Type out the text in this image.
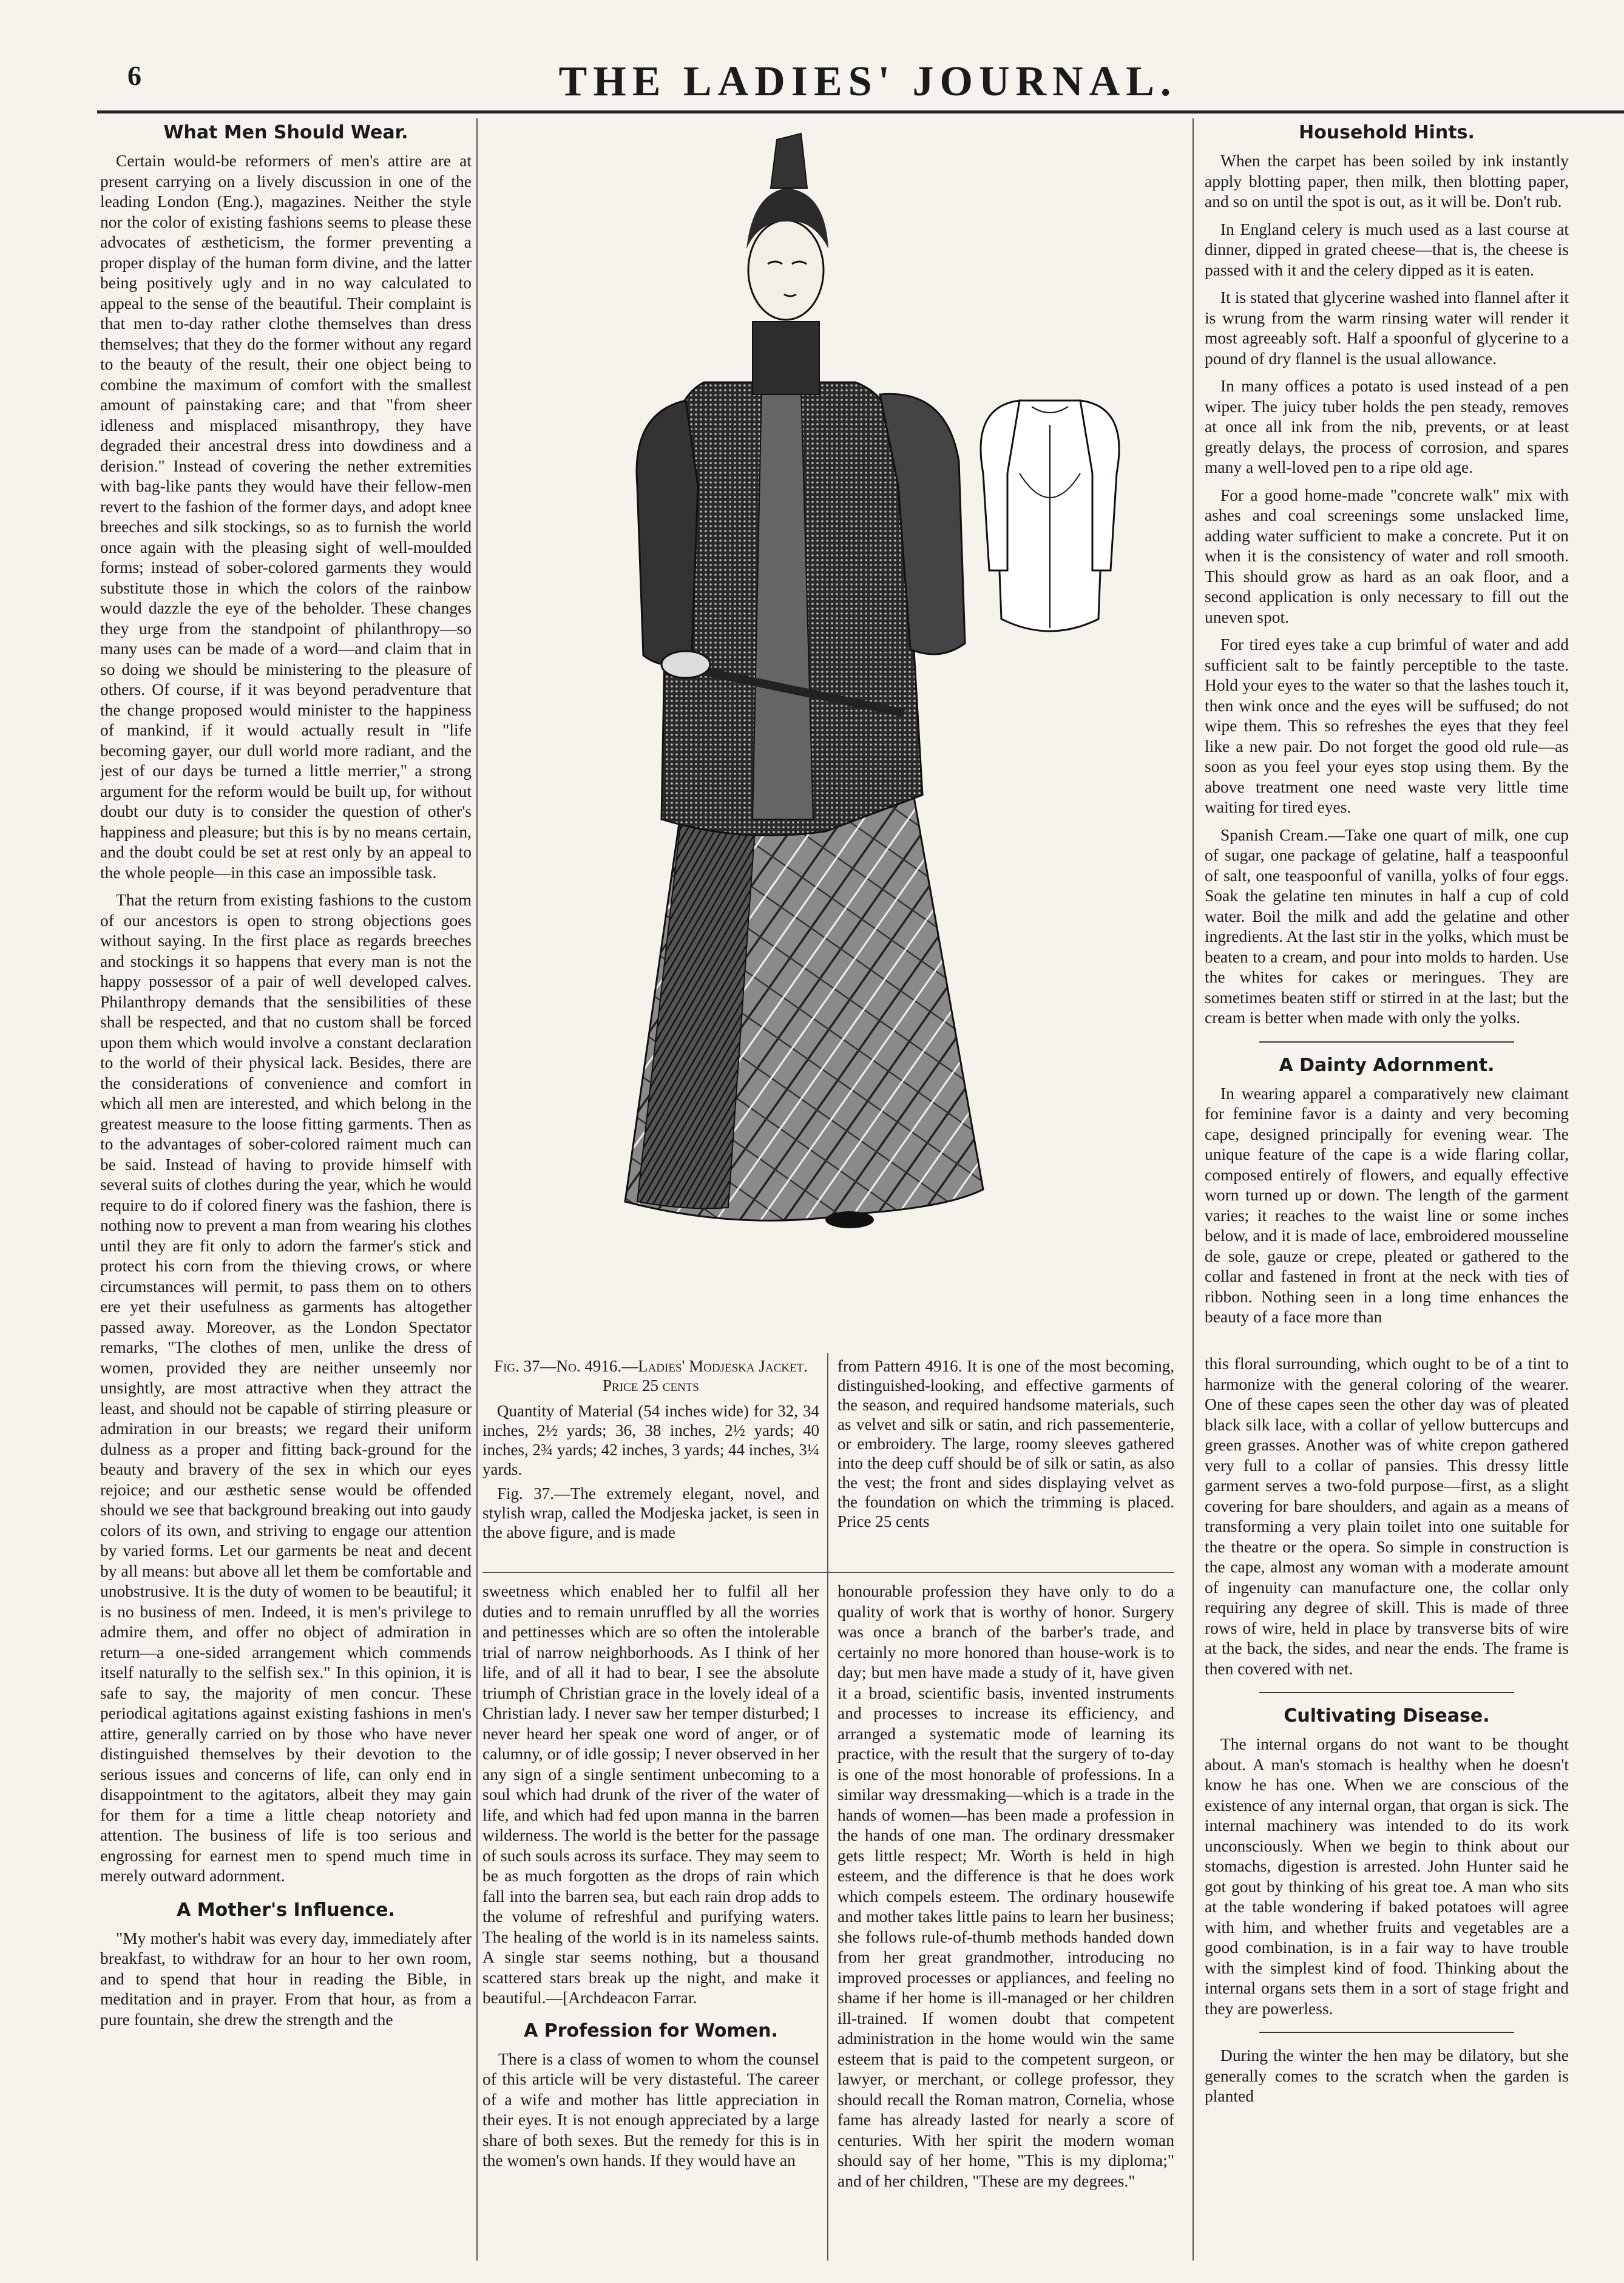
6	THE LADIES' JOURNAL.
What Men Should Wear.

Certain would-be reformers of men's attire are at present carrying on a lively discussion in one of the leading London (Eng.), magazines. Neither the style nor the color of existing fashions seems to please these advocates of æstheticism, the former preventing a proper display of the human form divine, and the latter being positively ugly and in no way calculated to appeal to the sense of the beautiful. Their complaint is that men to-day rather clothe themselves than dress themselves; that they do the former without any regard to the beauty of the result, their one object being to combine the maximum of comfort with the smallest amount of painstaking care; and that "from sheer idleness and misplaced misanthropy, they have degraded their ancestral dress into dowdiness and a derision." Instead of covering the nether extremities with bag-like pants they would have their fellow-men revert to the fashion of the former days, and adopt knee breeches and silk stockings, so as to furnish the world once again with the pleasing sight of well-moulded forms; instead of sober-colored garments they would substitute those in which the colors of the rainbow would dazzle the eye of the beholder. These changes they urge from the standpoint of philanthropy—so many uses can be made of a word—and claim that in so doing we should be ministering to the pleasure of others. Of course, if it was beyond peradventure that the change proposed would minister to the happiness of mankind, if it would actually result in "life becoming gayer, our dull world more radiant, and the jest of our days be turned a little merrier," a strong argument for the reform would be built up, for without doubt our duty is to consider the question of other's happiness and pleasure; but this is by no means certain, and the doubt could be set at rest only by an appeal to the whole people—in this case an impossible task.

That the return from existing fashions to the custom of our ancestors is open to strong objections goes without saying. In the first place as regards breeches and stockings it so happens that every man is not the happy possessor of a pair of well developed calves. Philanthropy demands that the sensibilities of these shall be respected, and that no custom shall be forced upon them which would involve a constant declaration to the world of their physical lack. Besides, there are the considerations of convenience and comfort in which all men are interested, and which belong in the greatest measure to the loose fitting garments. Then as to the advantages of sober-colored raiment much can be said. Instead of having to provide himself with several suits of clothes during the year, which he would require to do if colored finery was the fashion, there is nothing now to prevent a man from wearing his clothes until they are fit only to adorn the farmer's stick and protect his corn from the thieving crows, or where circumstances will permit, to pass them on to others ere yet their usefulness as garments has altogether passed away. Moreover, as the London Spectator remarks, "The clothes of men, unlike the dress of women, provided they are neither unseemly nor unsightly, are most attractive when they attract the least, and should not be capable of stirring pleasure or admiration in our breasts; we regard their uniform dulness as a proper and fitting back-ground for the beauty and bravery of the sex in which our eyes rejoice; and our æsthetic sense would be offended should we see that background breaking out into gaudy colors of its own, and striving to engage our attention by varied forms. Let our garments be neat and decent by all means: but above all let them be comfortable and unobstrusive. It is the duty of women to be beautiful; it is no business of men. Indeed, it is men's privilege to admire them, and offer no object of admiration in return—a one-sided arrangement which commends itself naturally to the selfish sex." In this opinion, it is safe to say, the majority of men concur. These periodical agitations against existing fashions in men's attire, generally carried on by those who have never distinguished themselves by their devotion to the serious issues and concerns of life, can only end in disappointment to the agitators, albeit they may gain for them for a time a little cheap notoriety and attention. The business of life is too serious and engrossing for earnest men to spend much time in merely outward adornment.

A Mother's Influence.

"My mother's habit was every day, immediately after breakfast, to withdraw for an hour to her own room, and to spend that hour in reading the Bible, in meditation and in prayer. From that hour, as from a pure fountain, she drew the strength and the

Fig. 37—No. 4916.—Ladies' Modjeska Jacket. Price 25 cents
Quantity of Material (54 inches wide) for 32, 34 inches, 2½ yards; 36, 38 inches, 2½ yards; 40 inches, 2¾ yards; 42 inches, 3 yards; 44 inches, 3¼ yards.
Fig. 37.—The extremely elegant, novel, and stylish wrap, called the Modjeska jacket, is seen in the above figure, and is made
from Pattern 4916. It is one of the most becoming, distinguished-looking, and effective garments of the season, and required handsome materials, such as velvet and silk or satin, and rich passementerie, or embroidery. The large, roomy sleeves gathered into the deep cuff should be of silk or satin, as also the vest; the front and sides displaying velvet as the foundation on which the trimming is placed. Price 25 cents

sweetness which enabled her to fulfil all her duties and to remain unruffled by all the worries and pettinesses which are so often the intolerable trial of narrow neighborhoods. As I think of her life, and of all it had to bear, I see the absolute triumph of Christian grace in the lovely ideal of a Christian lady. I never saw her temper disturbed; I never heard her speak one word of anger, or of calumny, or of idle gossip; I never observed in her any sign of a single sentiment unbecoming to a soul which had drunk of the river of the water of life, and which had fed upon manna in the barren wilderness. The world is the better for the passage of such souls across its surface. They may seem to be as much forgotten as the drops of rain which fall into the barren sea, but each rain drop adds to the volume of refreshful and purifying waters. The healing of the world is in its nameless saints. A single star seems nothing, but a thousand scattered stars break up the night, and make it beautiful.—[Archdeacon Farrar.

A Profession for Women.

There is a class of women to whom the counsel of this article will be very distasteful. The career of a wife and mother has little appreciation in their eyes. It is not enough appreciated by a large share of both sexes. But the remedy for this is in the women's own hands. If they would have an

honourable profession they have only to do a quality of work that is worthy of honor. Surgery was once a branch of the barber's trade, and certainly no more honored than house-work is to day; but men have made a study of it, have given it a broad, scientific basis, invented instruments and processes to increase its efficiency, and arranged a systematic mode of learning its practice, with the result that the surgery of to-day is one of the most honorable of professions. In a similar way dressmaking—which is a trade in the hands of women—has been made a profession in the hands of one man. The ordinary dressmaker gets little respect; Mr. Worth is held in high esteem, and the difference is that he does work which compels esteem. The ordinary housewife and mother takes little pains to learn her business; she follows rule-of-thumb methods handed down from her great grandmother, introducing no improved processes or appliances, and feeling no shame if her home is ill-managed or her children ill-trained. If women doubt that competent administration in the home would win the same esteem that is paid to the competent surgeon, or lawyer, or merchant, or college professor, they should recall the Roman matron, Cornelia, whose fame has already lasted for nearly a score of centuries. With her spirit the modern woman should say of her home, "This is my diploma;" and of her children, "These are my degrees."

Household Hints.

When the carpet has been soiled by ink instantly apply blotting paper, then milk, then blotting paper, and so on until the spot is out, as it will be. Don't rub.

In England celery is much used as a last course at dinner, dipped in grated cheese—that is, the cheese is passed with it and the celery dipped as it is eaten.

It is stated that glycerine washed into flannel after it is wrung from the warm rinsing water will render it most agreeably soft. Half a spoonful of glycerine to a pound of dry flannel is the usual allowance.

In many offices a potato is used instead of a pen wiper. The juicy tuber holds the pen steady, removes at once all ink from the nib, prevents, or at least greatly delays, the process of corrosion, and spares many a well-loved pen to a ripe old age.

For a good home-made "concrete walk" mix with ashes and coal screenings some unslacked lime, adding water sufficient to make a concrete. Put it on when it is the consistency of water and roll smooth. This should grow as hard as an oak floor, and a second application is only necessary to fill out the uneven spot.

For tired eyes take a cup brimful of water and add sufficient salt to be faintly perceptible to the taste. Hold your eyes to the water so that the lashes touch it, then wink once and the eyes will be suffused; do not wipe them. This so refreshes the eyes that they feel like a new pair. Do not forget the good old rule—as soon as you feel your eyes stop using them. By the above treatment one need waste very little time waiting for tired eyes.

Spanish Cream.—Take one quart of milk, one cup of sugar, one package of gelatine, half a teaspoonful of salt, one teaspoonful of vanilla, yolks of four eggs. Soak the gelatine ten minutes in half a cup of cold water. Boil the milk and add the gelatine and other ingredients. At the last stir in the yolks, which must be beaten to a cream, and pour into molds to harden. Use the whites for cakes or meringues. They are sometimes beaten stiff or stirred in at the last; but the cream is better when made with only the yolks.

A Dainty Adornment.

In wearing apparel a comparatively new claimant for feminine favor is a dainty and very becoming cape, designed principally for evening wear. The unique feature of the cape is a wide flaring collar, composed entirely of flowers, and equally effective worn turned up or down. The length of the garment varies; it reaches to the waist line or some inches below, and it is made of lace, embroidered mousseline de sole, gauze or crepe, pleated or gathered to the collar and fastened in front at the neck with ties of ribbon. Nothing seen in a long time enhances the beauty of a face more than

this floral surrounding, which ought to be of a tint to harmonize with the general coloring of the wearer. One of these capes seen the other day was of pleated black silk lace, with a collar of yellow buttercups and green grasses. Another was of white crepon gathered very full to a collar of pansies. This dressy little garment serves a two-fold purpose—first, as a slight covering for bare shoulders, and again as a means of transforming a very plain toilet into one suitable for the theatre or the opera. So simple in construction is the cape, almost any woman with a moderate amount of ingenuity can manufacture one, the collar only requiring any degree of skill. This is made of three rows of wire, held in place by transverse bits of wire at the back, the sides, and near the ends. The frame is then covered with net.

Cultivating Disease.

The internal organs do not want to be thought about. A man's stomach is healthy when he doesn't know he has one. When we are conscious of the existence of any internal organ, that organ is sick. The internal machinery was intended to do its work unconsciously. When we begin to think about our stomachs, digestion is arrested. John Hunter said he got gout by thinking of his great toe. A man who sits at the table wondering if baked potatoes will agree with him, and whether fruits and vegetables are a good combination, is in a fair way to have trouble with the simplest kind of food. Thinking about the internal organs sets them in a sort of stage fright and they are powerless.

During the winter the hen may be dilatory, but she generally comes to the scratch when the garden is planted
